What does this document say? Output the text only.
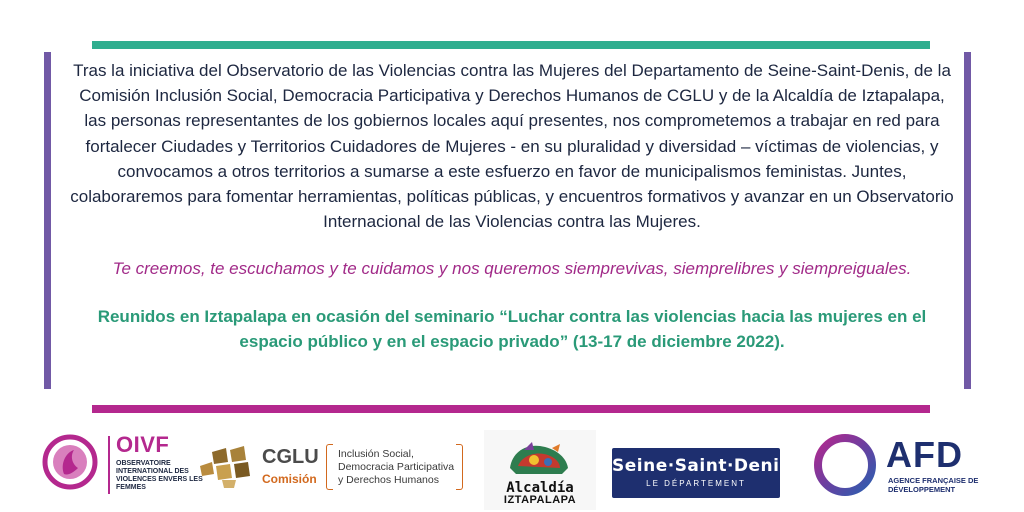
Tras la iniciativa del Observatorio de las Violencias contra las Mujeres del Departamento de Seine-Saint-Denis, de la Comisión Inclusión Social, Democracia Participativa y Derechos Humanos de CGLU y de la Alcaldía de Iztapalapa, las personas representantes de los gobiernos locales aquí presentes, nos comprometemos a trabajar en red para fortalecer Ciudades y Territorios Cuidadores de Mujeres - en su pluralidad y diversidad – víctimas de violencias, y convocamos a otros territorios a sumarse a este esfuerzo en favor de municipalismos feministas. Juntes, colaboraremos para fomentar herramientas, políticas públicas, y encuentros formativos y avanzar en un Observatorio Internacional de las Violencias contra las Mujeres.

Te creemos, te escuchamos y te cuidamos y nos queremos siemprevivas, siemprelibres y siempreiguales.

Reunidos en Iztapalapa en ocasión del seminario “Luchar contra las violencias hacia las mujeres en el espacio público y en el espacio privado” (13-17 de diciembre 2022).

OIVF
OBSERVATOIRE INTERNATIONAL DES VIOLENCES ENVERS LES FEMMES
CGLU
Comisión
Inclusión Social, Democracia Participativa y Derechos Humanos	Alcaldía
IZTAPALAPA
Seine·Saint·Denis
LE DÉPARTEMENT
AFD
AGENCE FRANÇAISE DE DÉVELOPPEMENT
